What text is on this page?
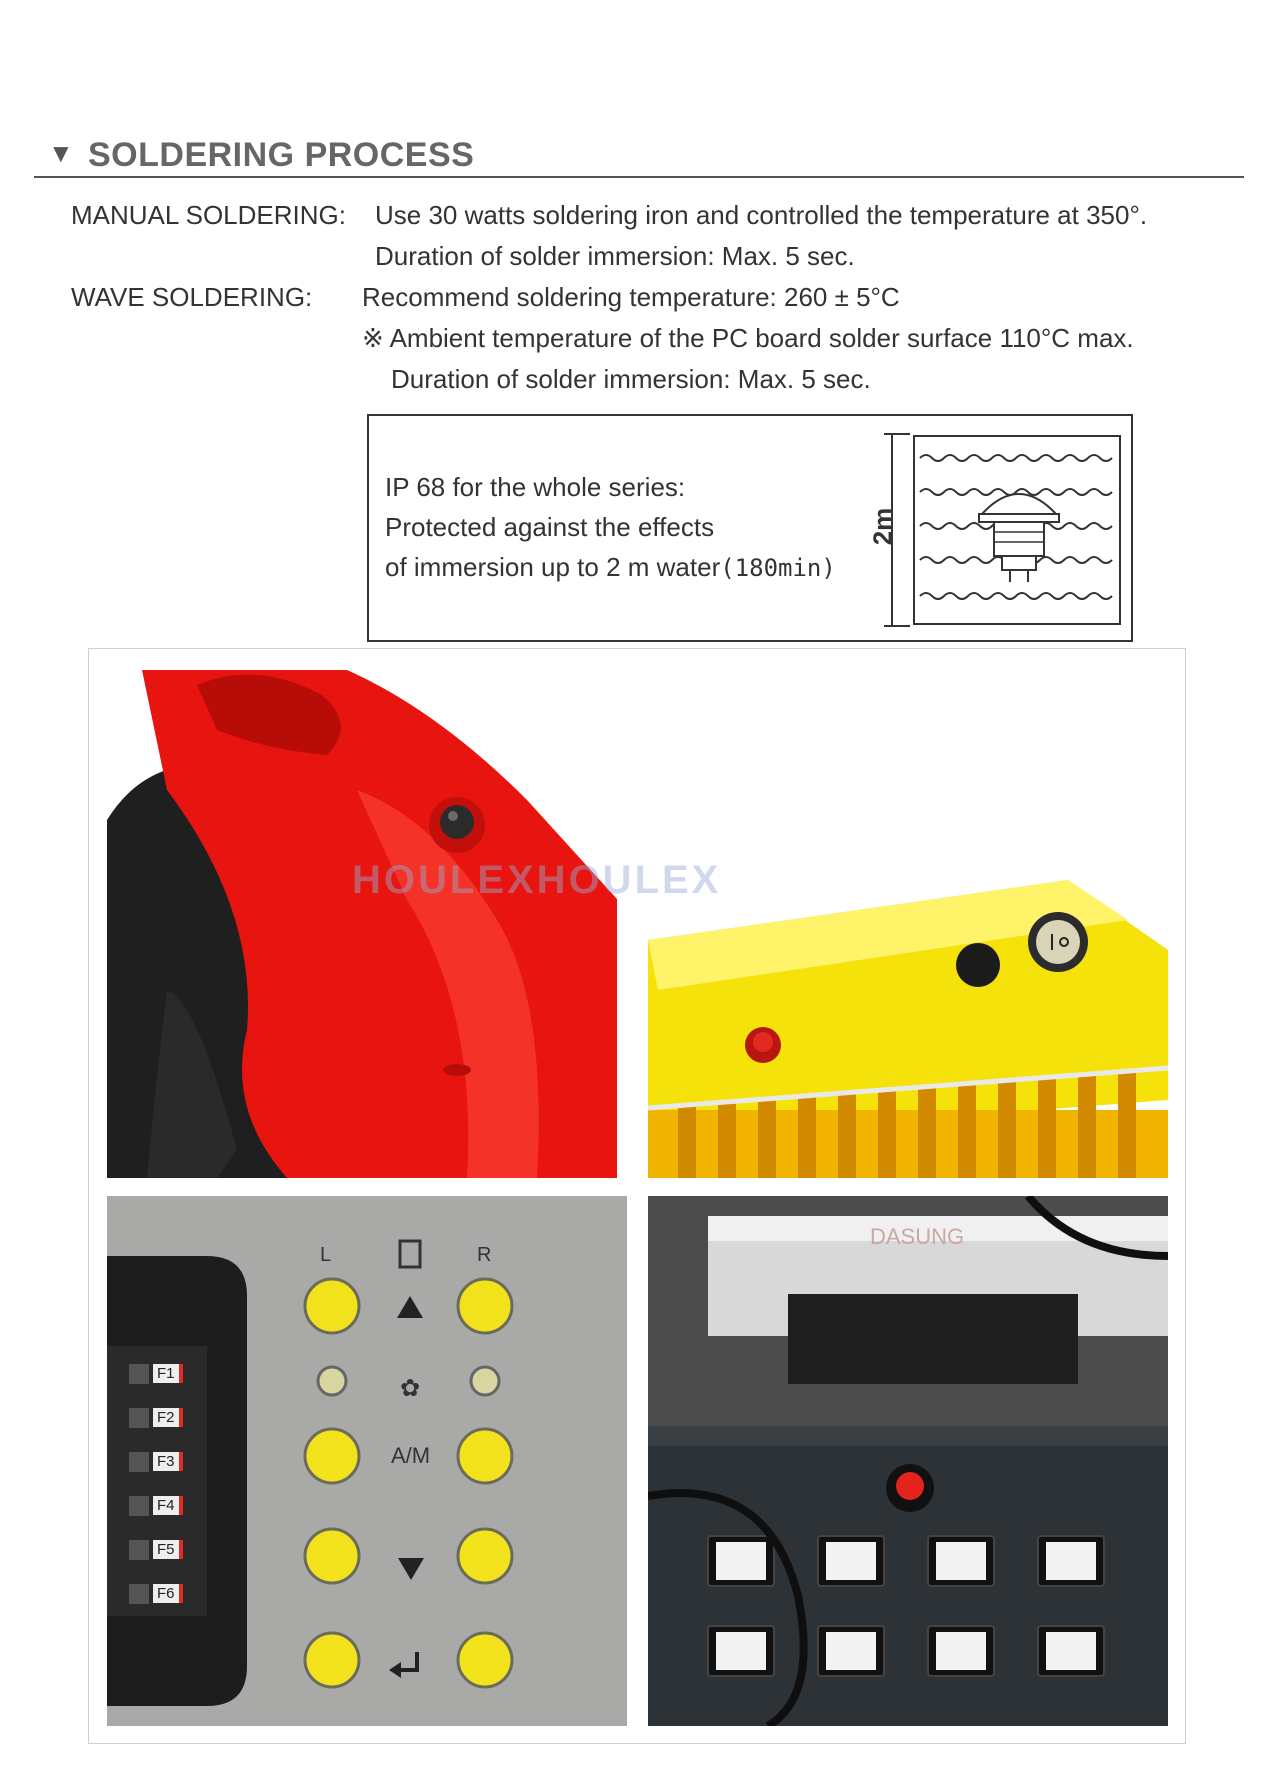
▼ SOLDERING PROCESS
MANUAL SOLDERING: Use 30 watts soldering iron and controlled the temperature at 350°.
Duration of solder immersion: Max. 5 sec.
WAVE SOLDERING: Recommend soldering temperature: 260 ± 5°C
※ Ambient temperature of the PC board solder surface 110°C max.
Duration of solder immersion: Max. 5 sec.
IP 68 for the whole series:
Protected against the effects
of immersion up to 2 m water(180min)
2m
HOULEXHOULEX
✿
L	R
A/M
F1
F2
F3
F4
F5
F6
DASUNG
